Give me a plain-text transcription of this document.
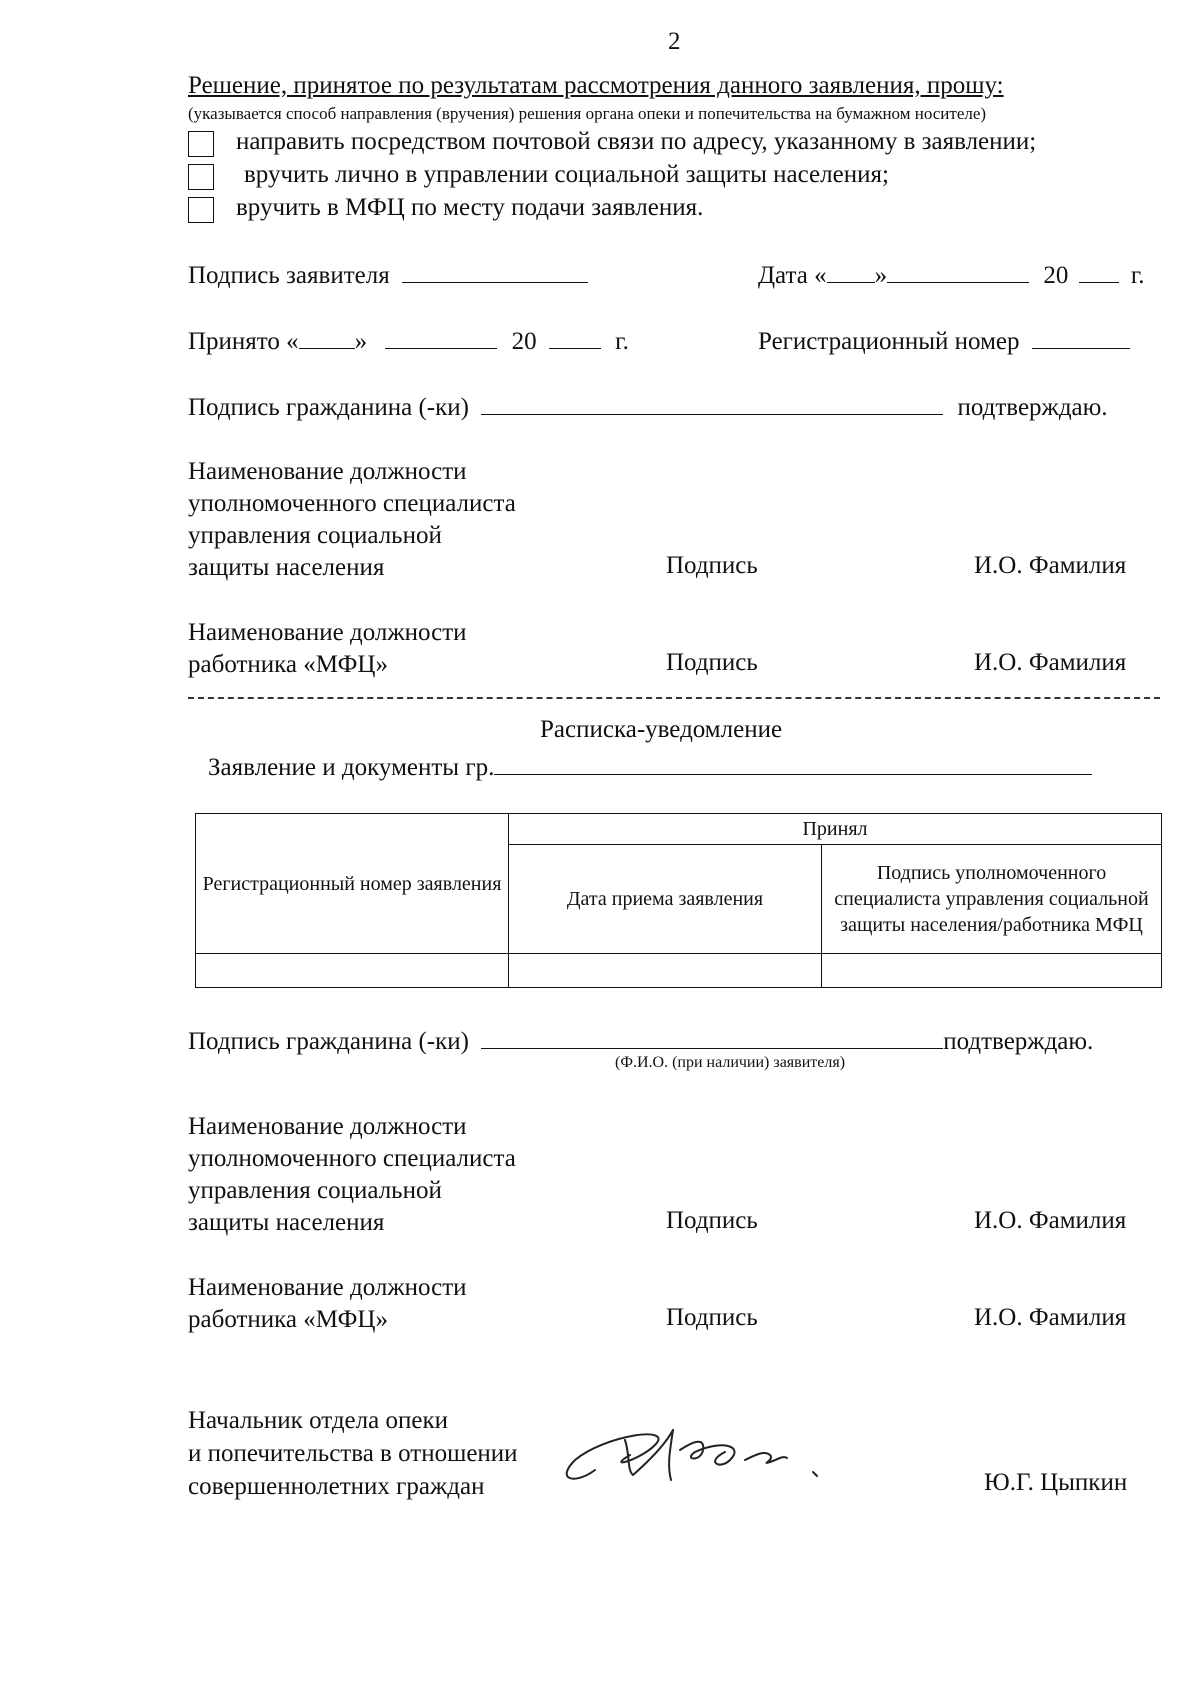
2
Решение, принятое по результатам рассмотрения данного заявления, прошу:
(указывается способ направления (вручения) решения органа опеки и попечительства на бумажном носителе)
направить посредством почтовой связи по адресу, указанному в заявлении;
вручить лично в управлении социальной защиты населения;
вручить в МФЦ по месту подачи заявления.
Подпись заявителя	Дата « »	20	г.
Принято « »	20	г.	Регистрационный номер
Подпись гражданина (-ки)	подтверждаю.
Наименование должности
уполномоченного специалиста
управления социальной
защиты населения	Подпись	И.О. Фамилия
Наименование должности
работника «МФЦ»	Подпись	И.О. Фамилия
Расписка-уведомление
Заявление и документы гр.
Регистрационный номер заявления	Принял	
	Дата приема заявления	Подпись уполномоченного специалиста управления социальной защиты населения/работника МФЦ

Подпись гражданина (-ки)	подтверждаю.
(Ф.И.О. (при наличии) заявителя)
Наименование должности
уполномоченного специалиста
управления социальной
защиты населения	Подпись	И.О. Фамилия
Наименование должности
работника «МФЦ»	Подпись	И.О. Фамилия
Начальник отдела опеки
и попечительства в отношении
совершеннолетних граждан	Ю.Г. Цыпкин
